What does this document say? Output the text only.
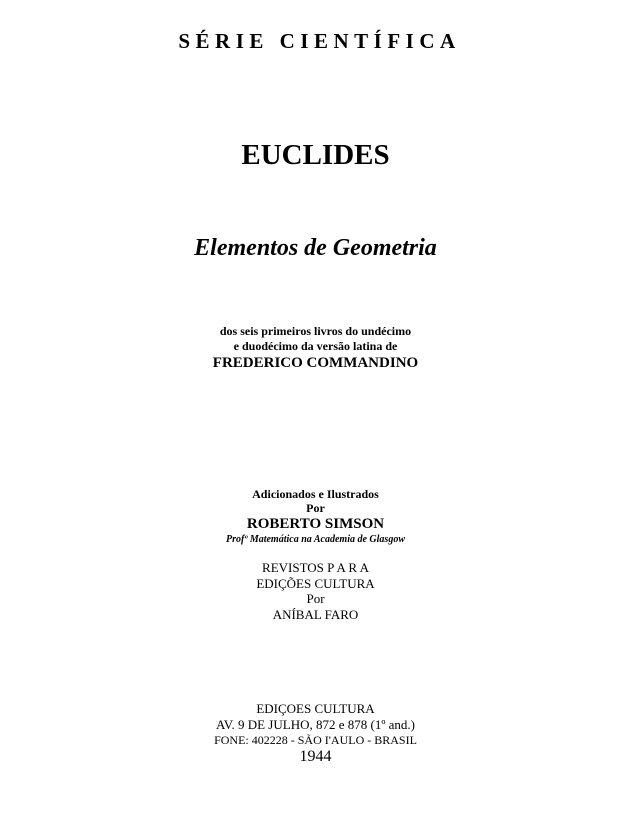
SÉRIE CIENTÍFICA
EUCLIDES
Elementos de Geometria
dos seis primeiros livros do undécimo
e duodécimo da versão latina de
FREDERICO COMMANDINO
Adicionados e Ilustrados
Por
ROBERTO SIMSON
Profº Matemática na Academia de Glasgow
REVISTOS P A R A
EDIÇÕES CULTURA
Por
ANÍBAL FARO
EDIÇOES CULTURA
AV. 9 DE JULHO, 872 e 878 (1º and.)
FONE: 402228 - SÃO I'AULO - BRASIL
1944
